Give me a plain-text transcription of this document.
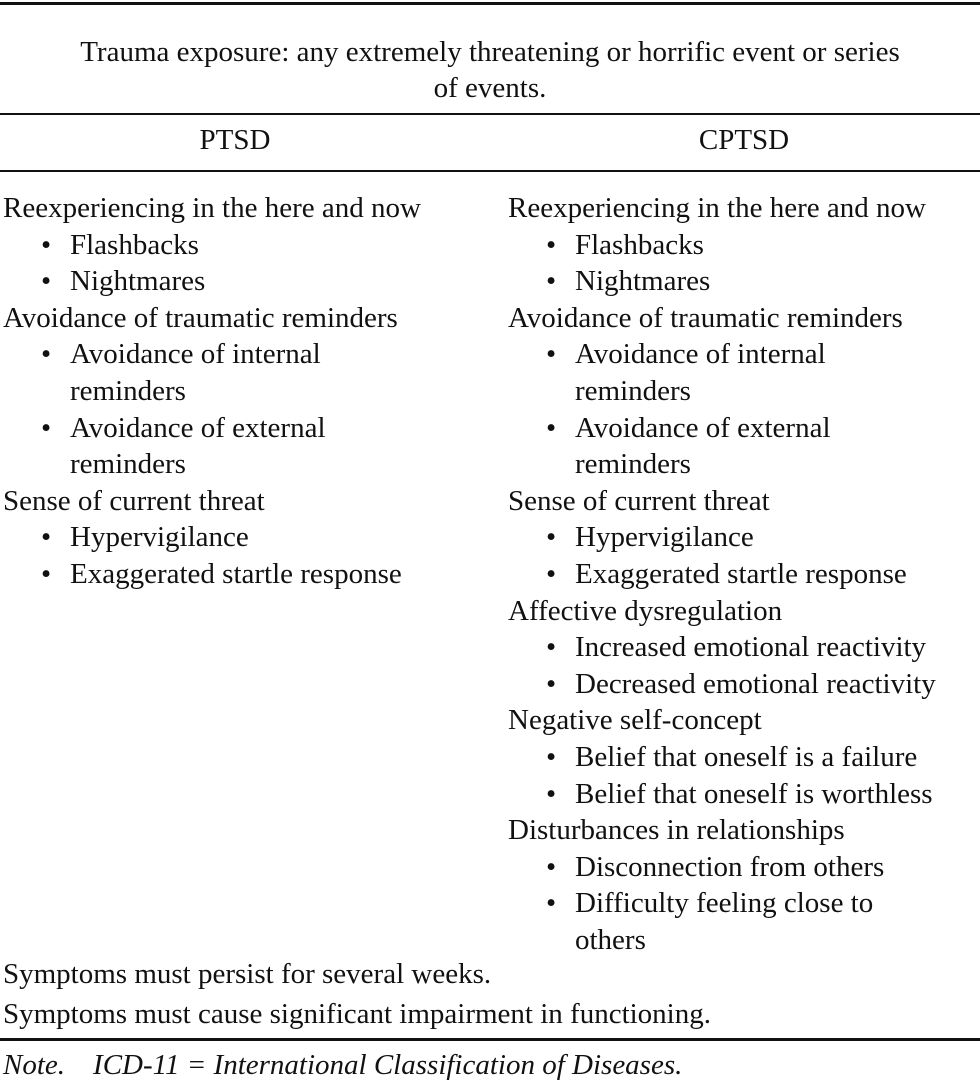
Trauma exposure: any extremely threatening or horrific event or series
of events.
PTSD	CPTSD
Reexperiencing in the here and now
• Flashbacks
• Nightmares
Avoidance of traumatic reminders
• Avoidance of internal
reminders
• Avoidance of external
reminders
Sense of current threat
• Hypervigilance
• Exaggerated startle response
Reexperiencing in the here and now
• Flashbacks
• Nightmares
Avoidance of traumatic reminders
• Avoidance of internal
reminders
• Avoidance of external
reminders
Sense of current threat
• Hypervigilance
• Exaggerated startle response
Affective dysregulation
• Increased emotional reactivity
• Decreased emotional reactivity
Negative self-concept
• Belief that oneself is a failure
• Belief that oneself is worthless
Disturbances in relationships
• Disconnection from others
• Difficulty feeling close to
others
Symptoms must persist for several weeks.
Symptoms must cause significant impairment in functioning.
Note. ICD-11 = International Classification of Diseases.
